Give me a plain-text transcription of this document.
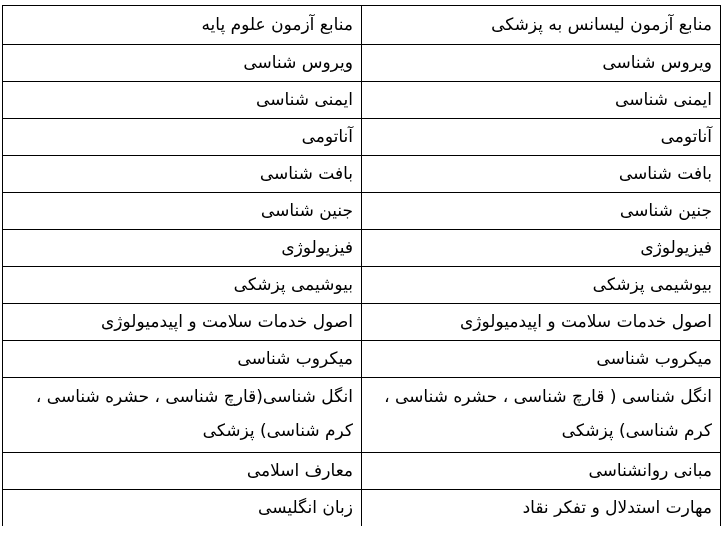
منابع آزمون لیسانس به پزشکی	منابع آزمون علوم پایه
ویروس شناسی	ویروس شناسی
ایمنی شناسی	ایمنی شناسی
آناتومی	آناتومی
بافت شناسی	بافت شناسی
جنین شناسی	جنین شناسی
فیزیولوژی	فیزیولوژی
بیوشیمی پزشکی	بیوشیمی پزشکی
اصول خدمات سلامت و اپیدمیولوژی	اصول خدمات سلامت و اپیدمیولوژی
میکروب شناسی	میکروب شناسی
انگل شناسی ( قارچ شناسی ، حشره شناسی ، کرم شناسی) پزشکی	انگل شناسی(قارچ شناسی ، حشره شناسی ، کرم شناسی) پزشکی
مبانی روانشناسی	معارف اسلامی
مهارت استدلال و تفکر نقاد	زبان انگلیسی
